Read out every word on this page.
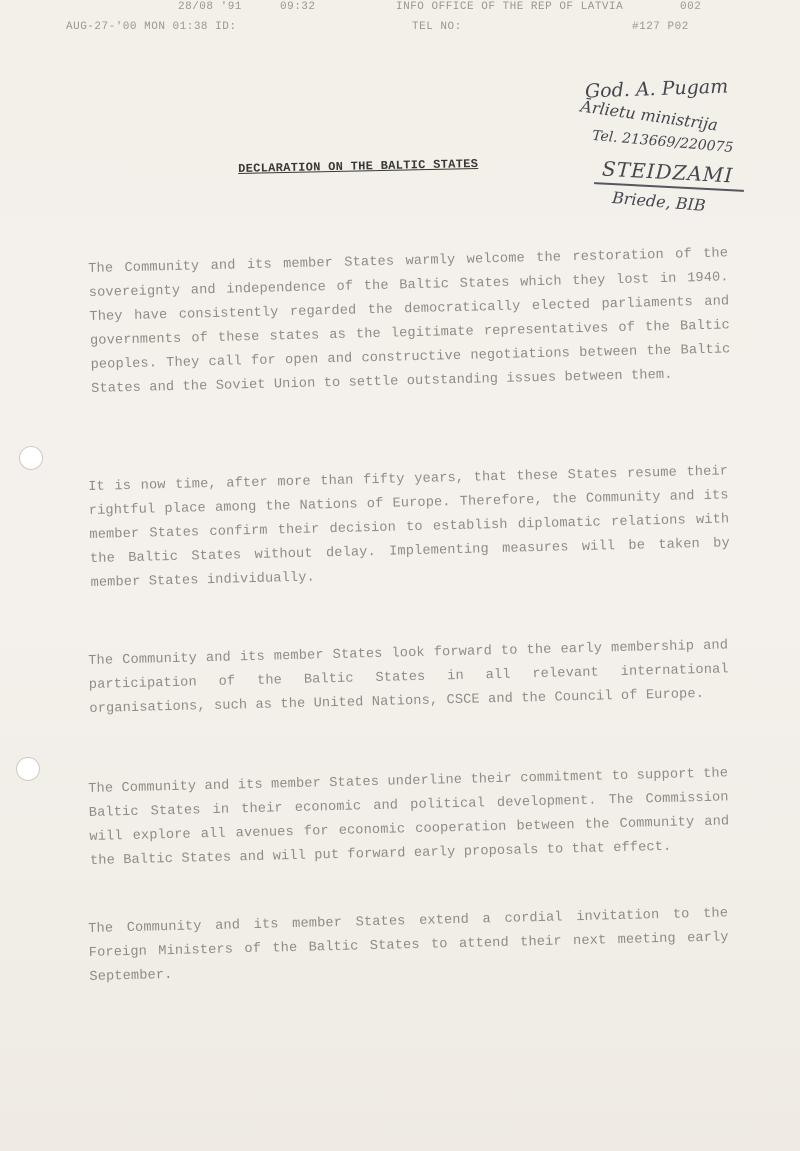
28/08 '91	09:32	INFO OFFICE OF THE REP OF LATVIA	002
AUG-27-'00 MON 01:38 ID:	TEL NO:	#127 P02
God. A. Pugam
Ārlietu ministrija
Tel. 213669/220075
STEIDZAMI
Briede, BIB
DECLARATION ON THE BALTIC STATES

The Community and its member States warmly welcome the restoration of the sovereignty and independence of the Baltic States which they lost in 1940. They have consistently regarded the democratically elected parliaments and governments of these states as the legitimate representatives of the Baltic peoples. They call for open and constructive negotiations between the Baltic States and the Soviet Union to settle outstanding issues between them.

It is now time, after more than fifty years, that these States resume their rightful place among the Nations of Europe. Therefore, the Community and its member States confirm their decision to establish diplomatic relations with the Baltic States without delay. Implementing measures will be taken by member States individually.

The Community and its member States look forward to the early membership and participation of the Baltic States in all relevant international organisations, such as the United Nations, CSCE and the Council of Europe.

The Community and its member States underline their commitment to support the Baltic States in their economic and political development. The Commission will explore all avenues for economic cooperation between the Community and the Baltic States and will put forward early proposals to that effect.

The Community and its member States extend a cordial invitation to the Foreign Ministers of the Baltic States to attend their next meeting early September.
